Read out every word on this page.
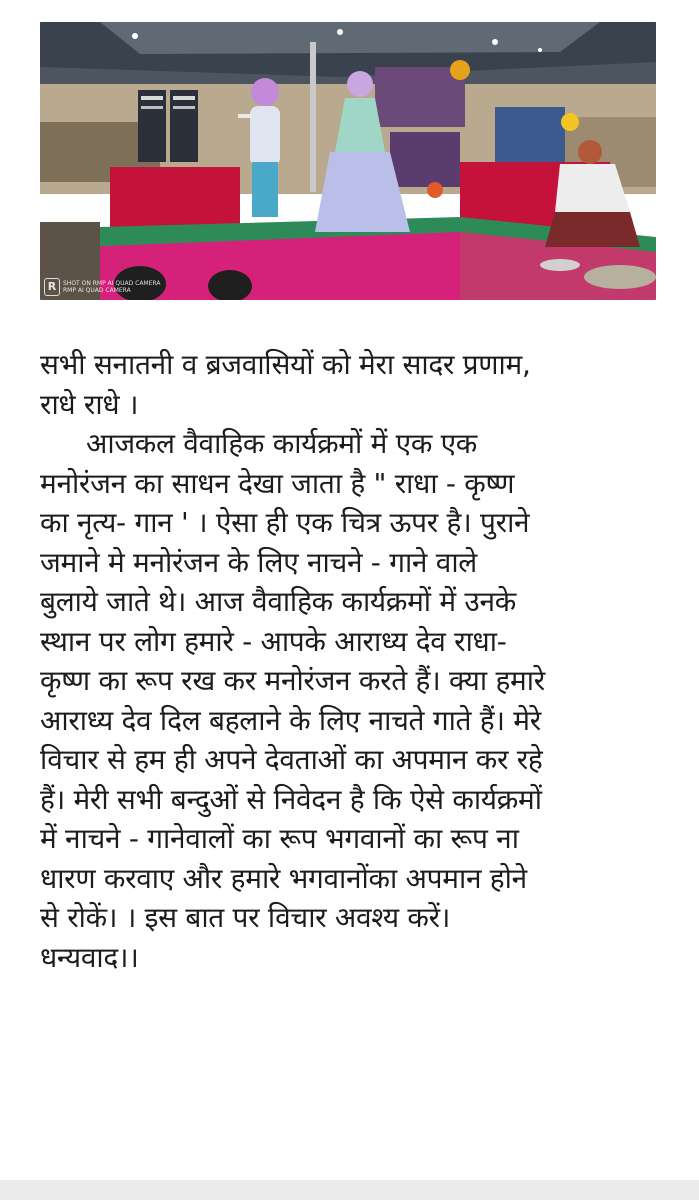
R	SHOT ON RMP AI QUAD CAMERA
RMP AI QUAD CAMERA
सभी सनातनी व ब्रजवासियों को मेरा सादर प्रणाम,
राधे राधे ।
आजकल वैवाहिक कार्यक्रमों में एक एक
मनोरंजन का साधन देखा जाता है " राधा - कृष्ण
का नृत्य- गान ' । ऐसा ही एक चित्र ऊपर है। पुराने
जमाने मे मनोरंजन के लिए नाचने - गाने वाले
बुलाये जाते थे। आज वैवाहिक कार्यक्रमों में उनके
स्थान पर लोग हमारे - आपके आराध्य देव राधा-
कृष्ण का रूप रख कर मनोरंजन करते हैं। क्या हमारे
आराध्य देव दिल बहलाने के लिए नाचते गाते हैं। मेरे
विचार से हम ही अपने देवताओं का अपमान कर रहे
हैं। मेरी सभी बन्दुओं से निवेदन है कि ऐसे कार्यक्रमों
में नाचने - गानेवालों का रूप भगवानों का रूप ना
धारण करवाए और हमारे भगवानोंका अपमान होने
से रोकें। । इस बात पर विचार अवश्य करें।
धन्यवाद।।
